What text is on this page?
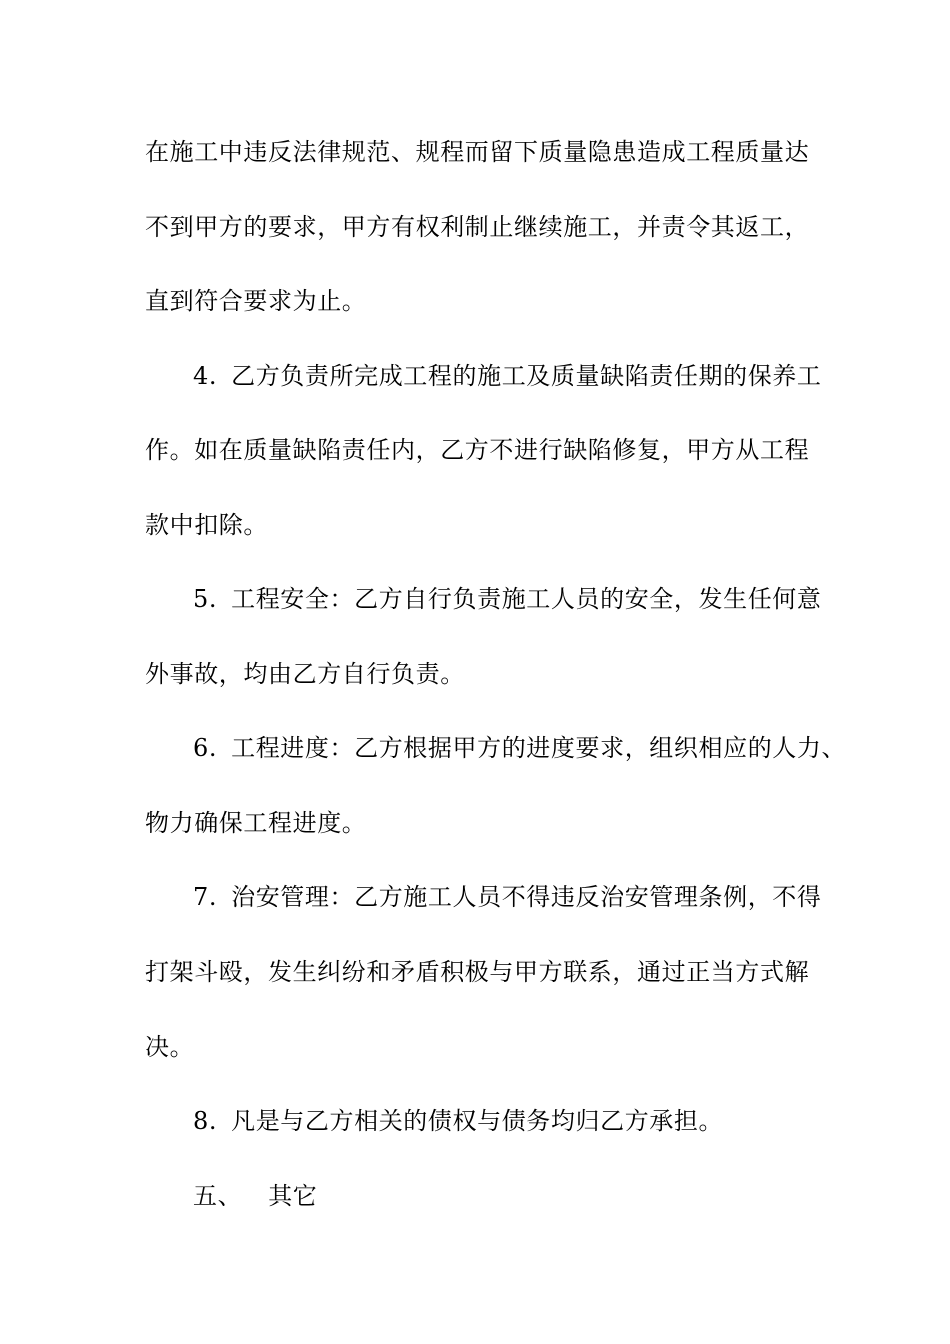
在施工中违反法律规范、规程而留下质量隐患造成工程质量达
不到甲方的要求，甲方有权利制止继续施工，并责令其返工，
直到符合要求为止。
4. 乙方负责所完成工程的施工及质量缺陷责任期的保养工
作。如在质量缺陷责任内，乙方不进行缺陷修复，甲方从工程
款中扣除。
5. 工程安全：乙方自行负责施工人员的安全，发生任何意
外事故，均由乙方自行负责。
6. 工程进度：乙方根据甲方的进度要求，组织相应的人力、
物力确保工程进度。
7. 治安管理：乙方施工人员不得违反治安管理条例，不得
打架斗殴，发生纠纷和矛盾积极与甲方联系，通过正当方式解
决。
8. 凡是与乙方相关的债权与债务均归乙方承担。
五、 其它
